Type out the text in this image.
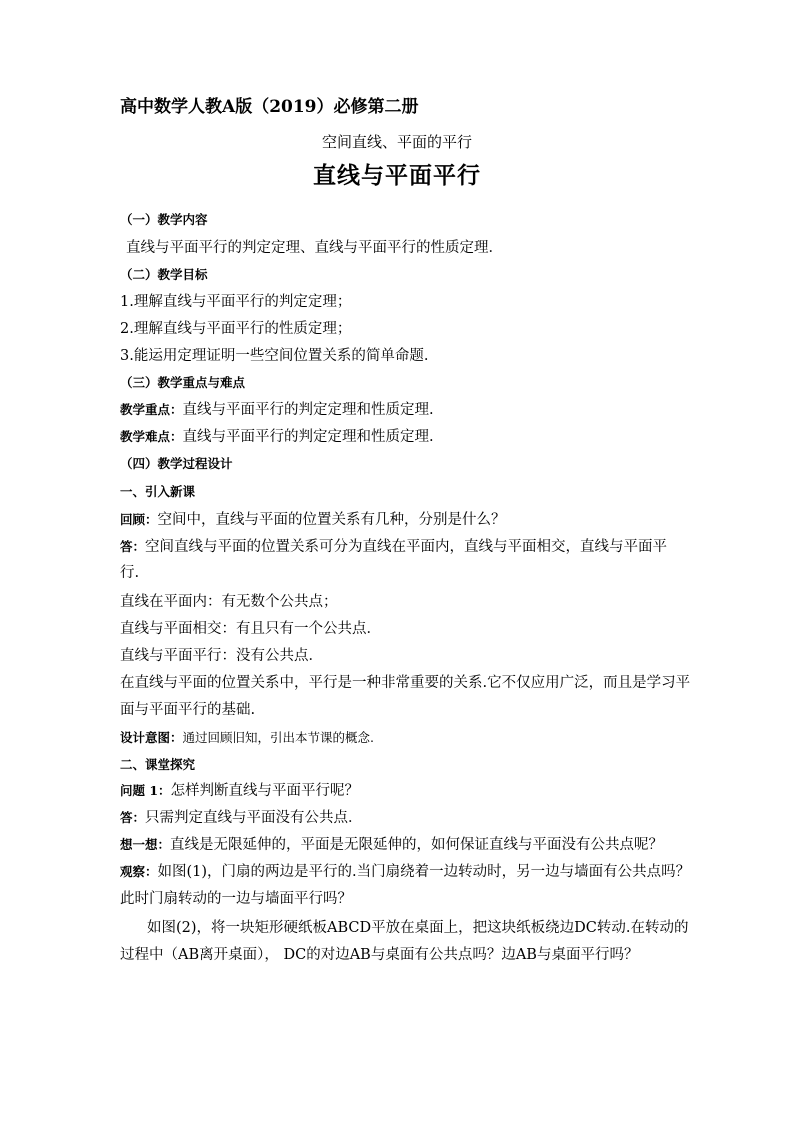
高中数学人教A版（2019）必修第二册
空间直线、平面的平行
直线与平面平行
（一）教学内容
直线与平面平行的判定定理、直线与平面平行的性质定理．
（二）教学目标
1.理解直线与平面平行的判定定理；
2.理解直线与平面平行的性质定理；
3.能运用定理证明一些空间位置关系的简单命题.
（三）教学重点与难点
教学重点：直线与平面平行的判定定理和性质定理.
教学难点：直线与平面平行的判定定理和性质定理.
（四）教学过程设计
一、引入新课
回顾：空间中，直线与平面的位置关系有几种，分别是什么？
答：空间直线与平面的位置关系可分为直线在平面内，直线与平面相交，直线与平面平
行.
直线在平面内：有无数个公共点；
直线与平面相交：有且只有一个公共点．
直线与平面平行：没有公共点．
在直线与平面的位置关系中，平行是一种非常重要的关系.它不仅应用广泛，而且是学习平
面与平面平行的基础.
设计意图：通过回顾旧知，引出本节课的概念.
二、课堂探究
问题 1：怎样判断直线与平面平行呢？
答：只需判定直线与平面没有公共点．
想一想：直线是无限延伸的，平面是无限延伸的，如何保证直线与平面没有公共点呢？
观察：如图(1)，门扇的两边是平行的.当门扇绕着一边转动时，另一边与墙面有公共点吗？
此时门扇转动的一边与墙面平行吗？
如图(2)，将一块矩形硬纸板ABCD平放在桌面上，把这块纸板绕边DC转动.在转动的
过程中（AB离开桌面）， DC的对边AB与桌面有公共点吗？边AB与桌面平行吗？
